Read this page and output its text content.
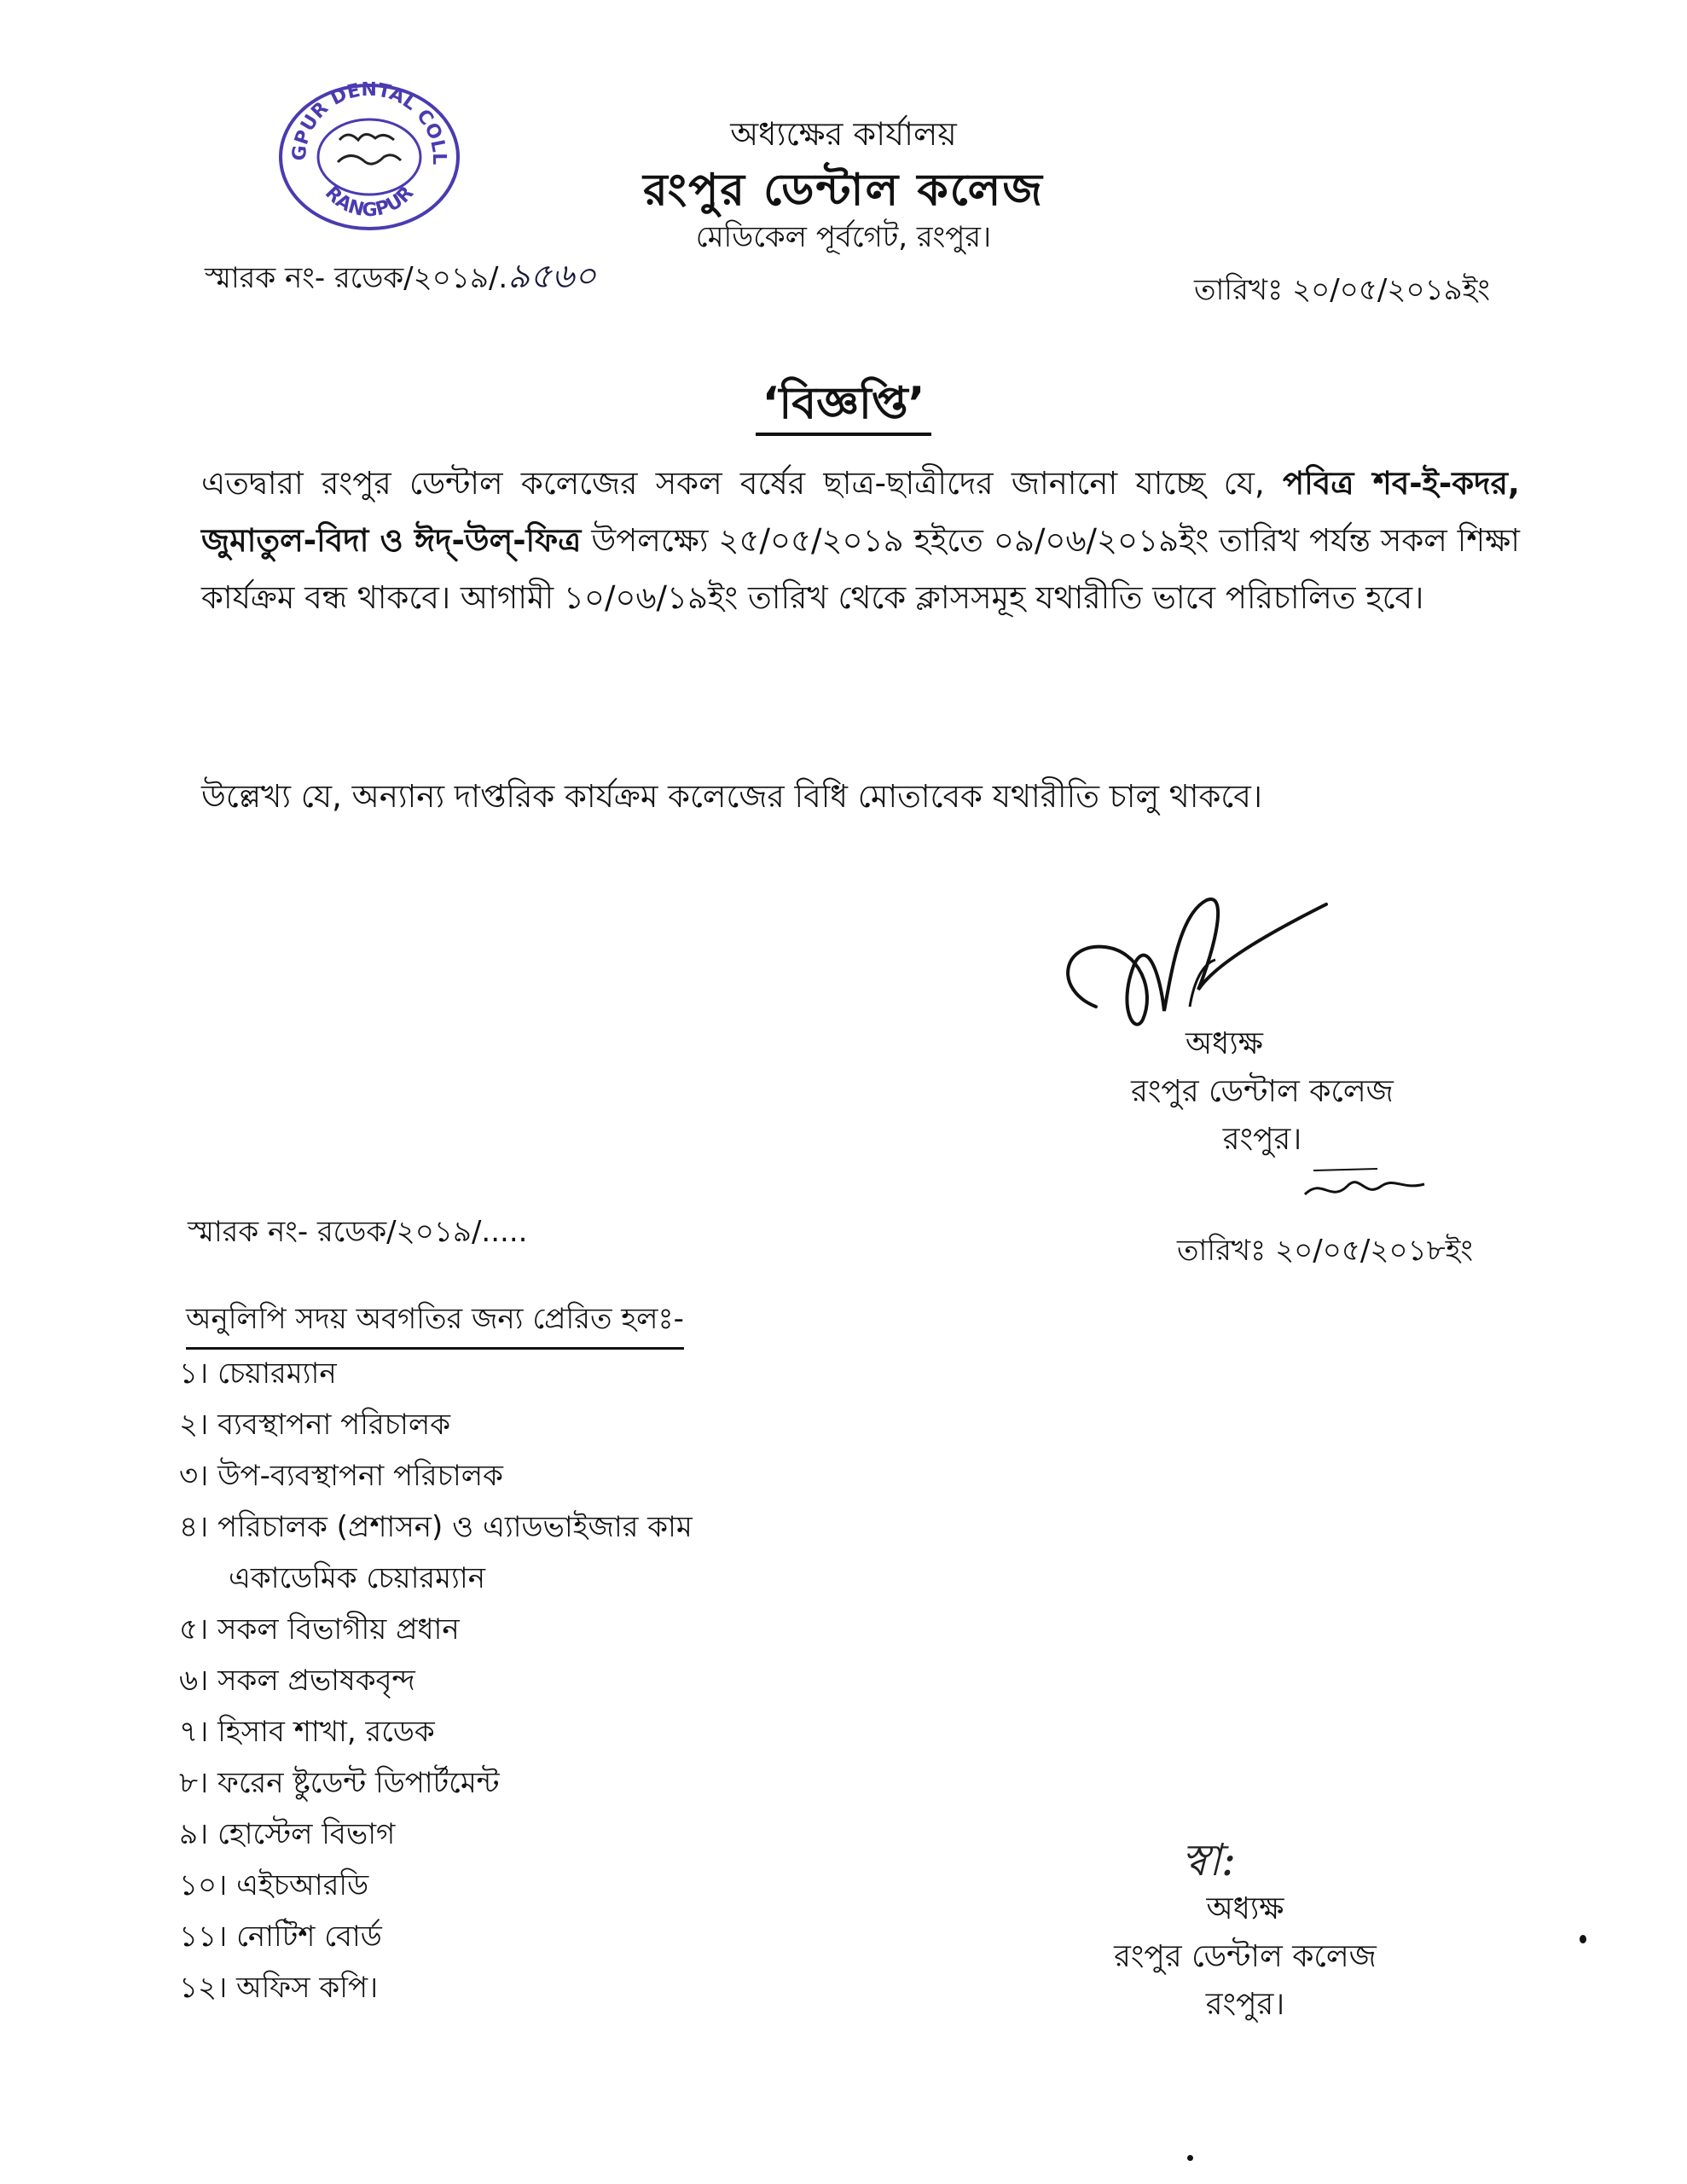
GPUR DENTAL COLL
RANGPUR
অধ্যক্ষের কার্যালয়
রংপুর ডেন্টাল কলেজ
মেডিকেল পূর্বগেট, রংপুর।
স্মারক নং- রডেক/২০১৯/.৯৫৬০	তারিখঃ ২০/০৫/২০১৯ইং
‘বিজ্ঞপ্তি’
এতদ্বারা রংপুর ডেন্টাল কলেজের সকল বর্ষের ছাত্র-ছাত্রীদের জানানো যাচ্ছে যে, পবিত্র শব-ই-কদর, জুমাতুল-বিদা ও ঈদ্-উল্-ফিত্র উপলক্ষ্যে ২৫/০৫/২০১৯ হইতে ০৯/০৬/২০১৯ইং তারিখ পর্যন্ত সকল শিক্ষা কার্যক্রম বন্ধ থাকবে। আগামী ১০/০৬/১৯ইং তারিখ থেকে ক্লাসসমূহ যথারীতি ভাবে পরিচালিত হবে।
উল্লেখ্য যে, অন্যান্য দাপ্তরিক কার্যক্রম কলেজের বিধি মোতাবেক যথারীতি চালু থাকবে।
অধ্যক্ষ
রংপুর ডেন্টাল কলেজ
রংপুর।
স্মারক নং- রডেক/২০১৯/.....
তারিখঃ ২০/০৫/২০১৮ইং
অনুলিপি সদয় অবগতির জন্য প্রেরিত হলঃ-
১। চেয়ারম্যান
২। ব্যবস্থাপনা পরিচালক
৩। উপ-ব্যবস্থাপনা পরিচালক
৪। পরিচালক (প্রশাসন) ও এ্যাডভাইজার কাম
একাডেমিক চেয়ারম্যান
৫। সকল বিভাগীয় প্রধান
৬। সকল প্রভাষকবৃন্দ
৭। হিসাব শাখা, রডেক
৮। ফরেন ষ্টুডেন্ট ডিপার্টমেন্ট
৯। হোস্টেল বিভাগ
১০। এইচআরডি
১১। নোটিশ বোর্ড
১২। অফিস কপি।
স্বা:
অধ্যক্ষ
রংপুর ডেন্টাল কলেজ
রংপুর।
